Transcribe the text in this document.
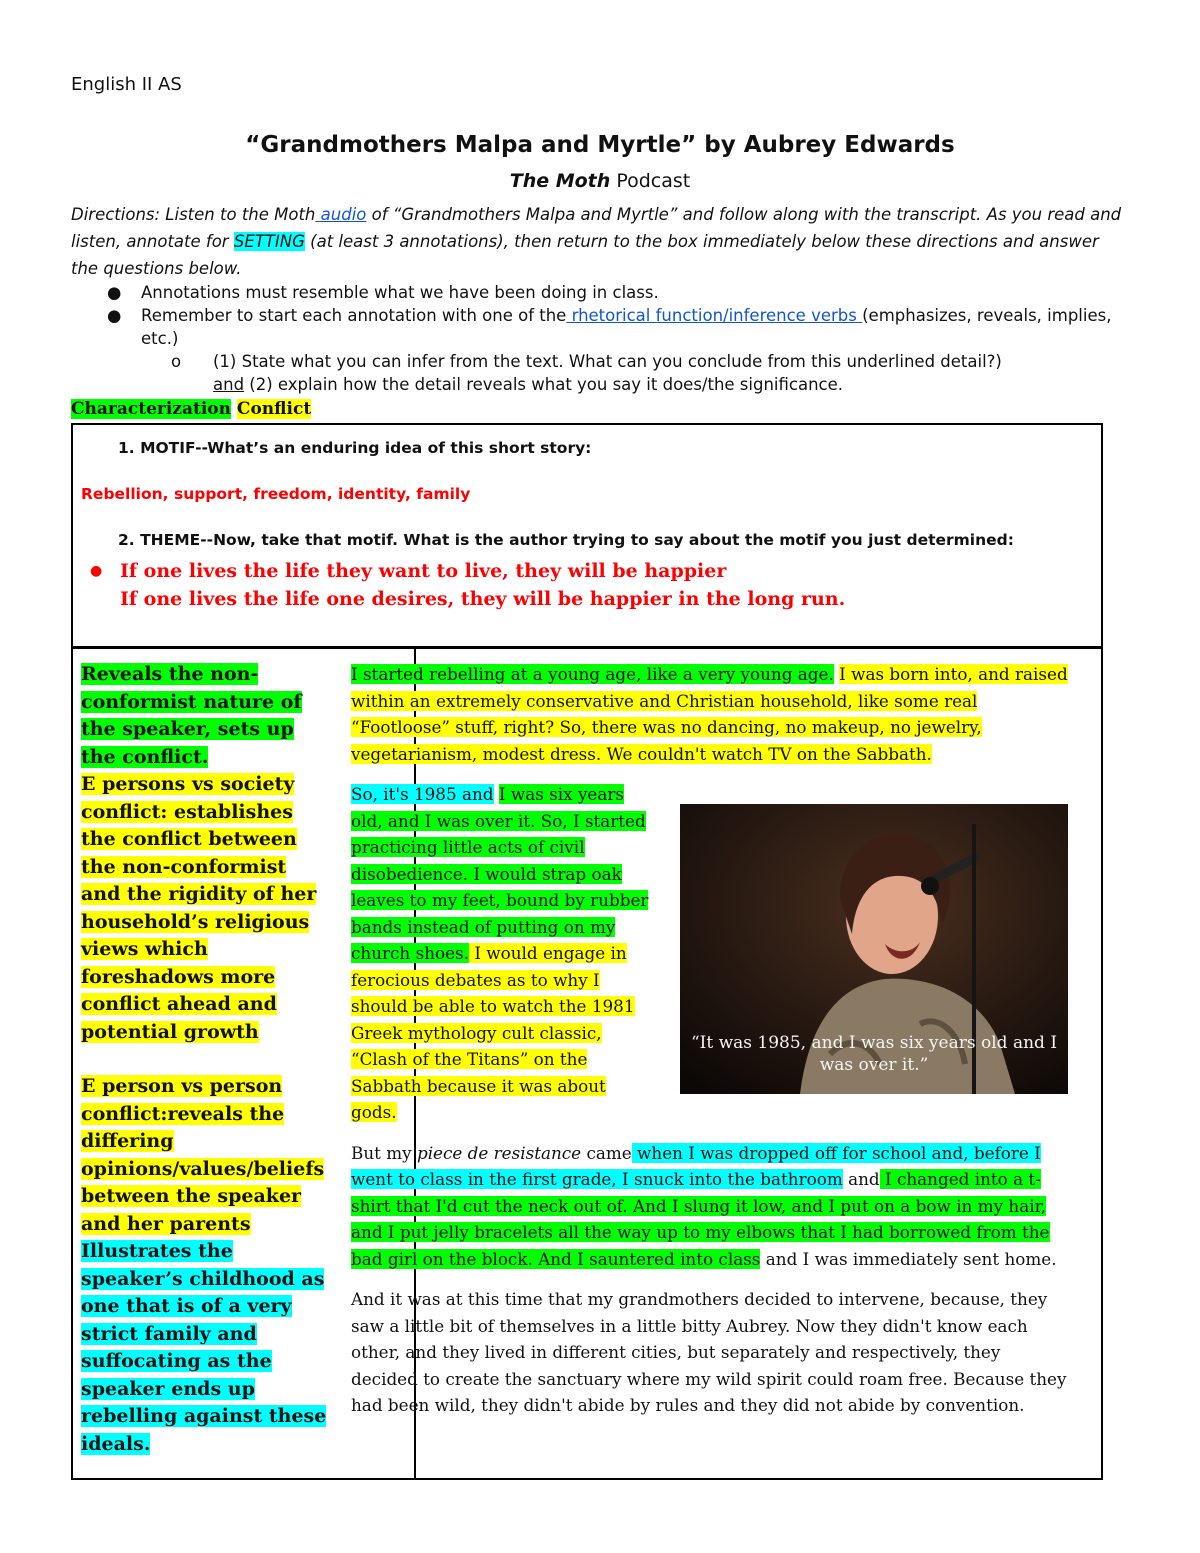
English II AS
“Grandmothers Malpa and Myrtle” by Aubrey Edwards
The Moth Podcast
Directions: Listen to the Moth audio of “Grandmothers Malpa and Myrtle” and follow along with the transcript. As you read and listen, annotate for SETTING (at least 3 annotations), then return to the box immediately below these directions and answer the questions below.
● Annotations must resemble what we have been doing in class.
● Remember to start each annotation with one of the rhetorical function/inference verbs (emphasizes, reveals, implies, etc.)
o (1) State what you can infer from the text. What can you conclude from this underlined detail?)
and (2) explain how the detail reveals what you say it does/the significance.
Characterization Conflict
1. MOTIF--What’s an enduring idea of this short story:
Rebellion, support, freedom, identity, family
2. THEME--Now, take that motif. What is the author trying to say about the motif you just determined:
● If one lives the life they want to live, they will be happier
If one lives the life one desires, they will be happier in the long run.
Reveals the non-conformist nature of the speaker, sets up the conflict.
E persons vs society conflict: establishes the conflict between the non-conformist and the rigidity of her household’s religious views which foreshadows more conflict ahead and potential growth
E person vs person conflict:reveals the differing opinions/values/beliefs between the speaker and her parents
Illustrates the speaker’s childhood as one that is of a very strict family and suffocating as the speaker ends up rebelling against these ideals.
I started rebelling at a young age, like a very young age. I was born into, and raised within an extremely conservative and Christian household, like some real “Footloose” stuff, right? So, there was no dancing, no makeup, no jewelry, vegetarianism, modest dress. We couldn't watch TV on the Sabbath.
So, it's 1985 and I was six years old, and I was over it. So, I started practicing little acts of civil disobedience. I would strap oak leaves to my feet, bound by rubber bands instead of putting on my church shoes. I would engage in ferocious debates as to why I should be able to watch the 1981 Greek mythology cult classic, “Clash of the Titans” on the Sabbath because it was about gods.
But my piece de resistance came when I was dropped off for school and, before I went to class in the first grade, I snuck into the bathroom and I changed into a t-shirt that I'd cut the neck out of. And I slung it low, and I put on a bow in my hair, and I put jelly bracelets all the way up to my elbows that I had borrowed from the bad girl on the block. And I sauntered into class and I was immediately sent home.
And it was at this time that my grandmothers decided to intervene, because, they saw a little bit of themselves in a little bitty Aubrey. Now they didn't know each other, and they lived in different cities, but separately and respectively, they decided to create the sanctuary where my wild spirit could roam free. Because they had been wild, they didn't abide by rules and they did not abide by convention.
“It was 1985, and I was six years old and I was over it.”
